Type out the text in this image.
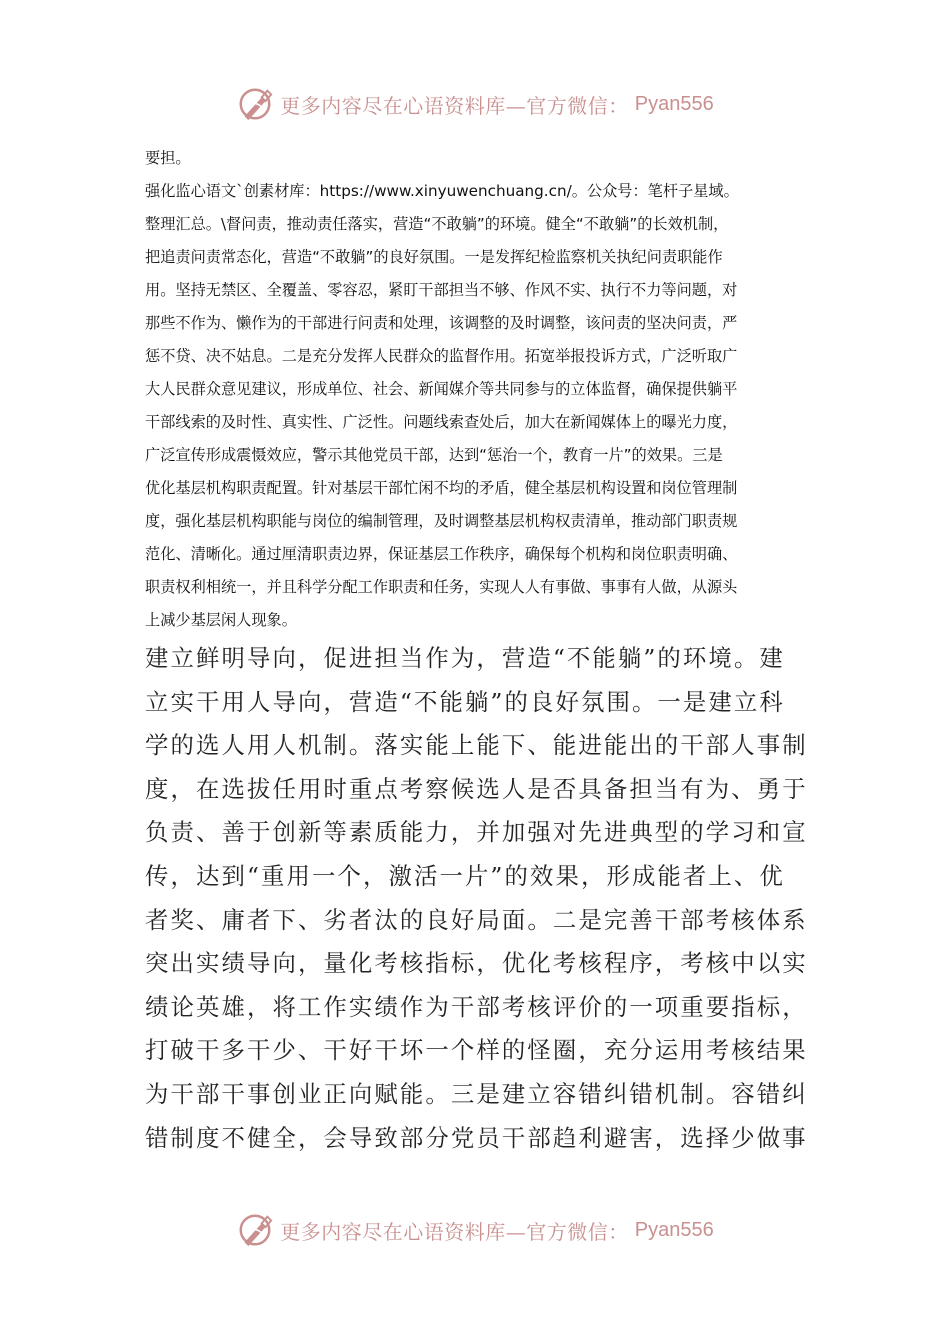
更多内容尽在心语资料库—官方微信： Pyan556

要担。

强化监心语文`创素材库：https://www.xinyuwenchuang.cn/。公众号：笔杆子星域。

整理汇总。\督问责，推动责任落实，营造“不敢躺”的环境。健全“不敢躺”的长效机制，

把追责问责常态化，营造“不敢躺”的良好氛围。一是发挥纪检监察机关执纪问责职能作

用。坚持无禁区、全覆盖、零容忍，紧盯干部担当不够、作风不实、执行不力等问题，对

那些不作为、懒作为的干部进行问责和处理，该调整的及时调整，该问责的坚决问责，严

惩不贷、决不姑息。二是充分发挥人民群众的监督作用。拓宽举报投诉方式，广泛听取广

大人民群众意见建议，形成单位、社会、新闻媒介等共同参与的立体监督，确保提供躺平

干部线索的及时性、真实性、广泛性。问题线索查处后，加大在新闻媒体上的曝光力度，

广泛宣传形成震慑效应，警示其他党员干部，达到“惩治一个，教育一片”的效果。三是

优化基层机构职责配置。针对基层干部忙闲不均的矛盾，健全基层机构设置和岗位管理制

度，强化基层机构职能与岗位的编制管理，及时调整基层机构权责清单，推动部门职责规

范化、清晰化。通过厘清职责边界，保证基层工作秩序，确保每个机构和岗位职责明确、

职责权利相统一，并且科学分配工作职责和任务，实现人人有事做、事事有人做，从源头

上减少基层闲人现象。

建立鲜明导向，促进担当作为，营造“不能躺”的环境。建

立实干用人导向，营造“不能躺”的良好氛围。一是建立科

学的选人用人机制。落实能上能下、能进能出的干部人事制

度，在选拔任用时重点考察候选人是否具备担当有为、勇于

负责、善于创新等素质能力，并加强对先进典型的学习和宣

传，达到“重用一个，激活一片”的效果，形成能者上、优

者奖、庸者下、劣者汰的良好局面。二是完善干部考核体系

突出实绩导向，量化考核指标，优化考核程序，考核中以实

绩论英雄，将工作实绩作为干部考核评价的一项重要指标，

打破干多干少、干好干坏一个样的怪圈，充分运用考核结果

为干部干事创业正向赋能。三是建立容错纠错机制。容错纠

错制度不健全，会导致部分党员干部趋利避害，选择少做事

更多内容尽在心语资料库—官方微信： Pyan556
